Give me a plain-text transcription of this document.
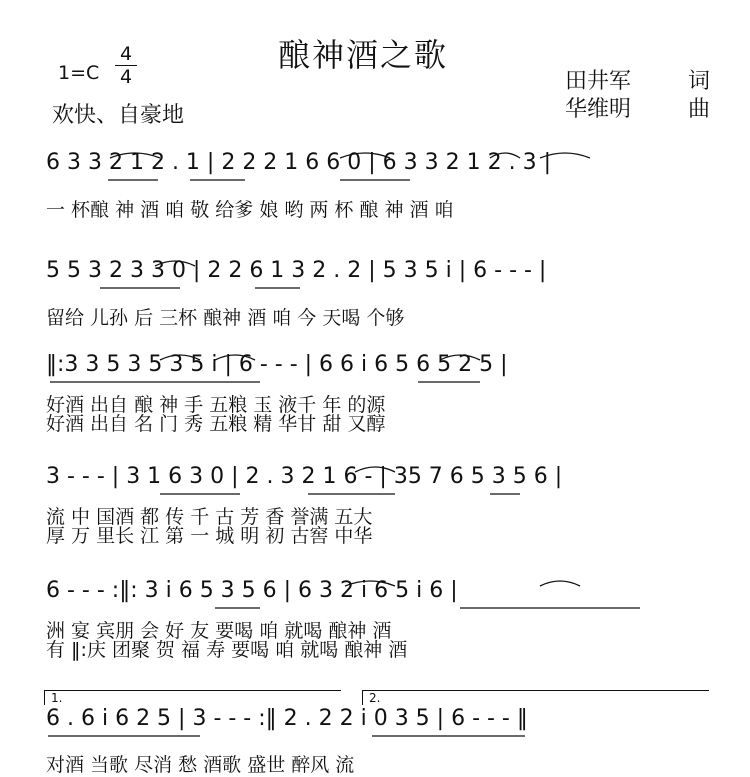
酿神酒之歌
1=C
4
4
欢快、自豪地
田井军	词
华维明	曲
6 3 3 2 1 2 . 1 | 2 2 2 1 6 6 0 | 6 3 3 2 1 2 . 3 |
一 杯酿 神 酒 咱 敬 给爹 娘 哟 两 杯 酿 神 酒 咱
5 5 3 2 3 3 0 | 2 2 6 1 3 2 . 2 | 5 3 5 i | 6 - - - |
留给 儿孙 后 三杯 酿神 酒 咱 今 天喝 个够
‖:3 3 5 3 5 3 5 i | 6 - - - | 6 6 i 6 5 6 5 2 5 |
好酒 出自 酿 神 手 五粮 玉 液千 年 的源
好酒 出自 名 门 秀 五粮 精 华甘 甜 又醇
3 - - - | 3 1 6 3 0 | 2 . 3 2 1 6 - | 35 7 6 5 3 5 6 |
流 中 国酒 都 传 千 古 芳 香 誉满 五大
厚 万 里长 江 第 一 城 明 初 古窖 中华
6 - - - :‖: 3 i 6 5 3 5 6 | 6 3 2 i 6 5 i 6 |
洲 宴 宾朋 会 好 友 要喝 咱 就喝 酿神 酒
有 ‖:庆 团聚 贺 福 寿 要喝 咱 就喝 酿神 酒
1.	2.
6 . 6 i 6 2 5 | 3 - - - :‖ 2 . 2 2 i 0 3 5 | 6 - - - ‖
对酒 当歌 尽消 愁 酒歌 盛世 醉风 流
